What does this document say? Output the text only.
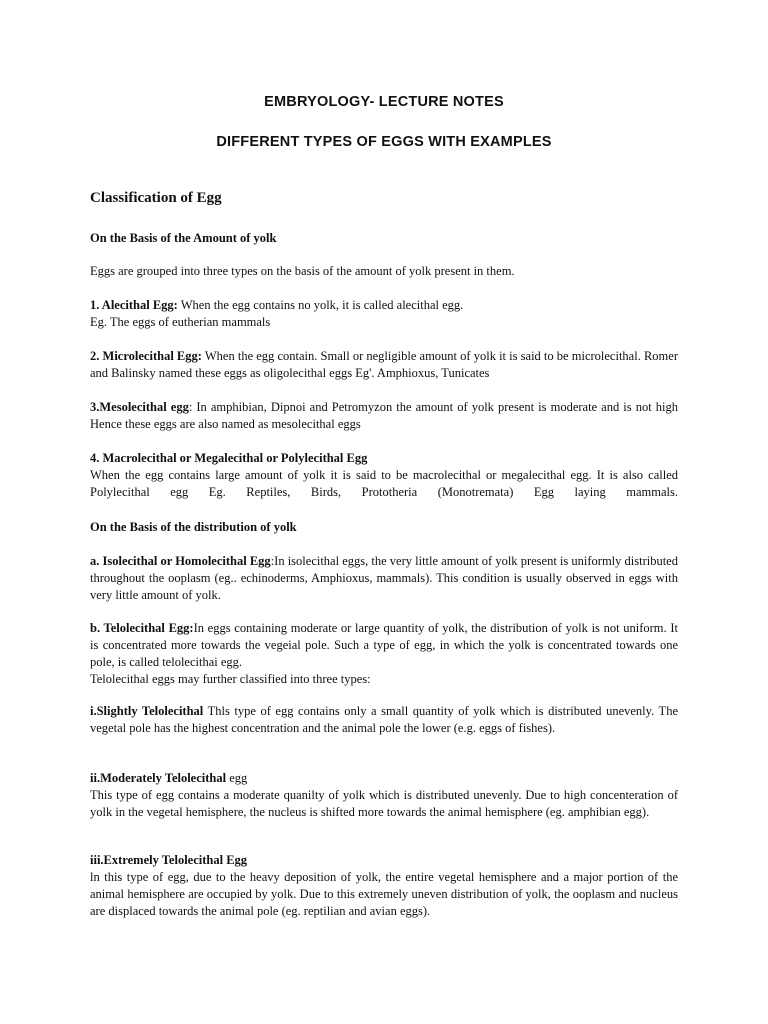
EMBRYOLOGY- LECTURE NOTES
DIFFERENT TYPES OF EGGS WITH EXAMPLES
Classification of Egg
On the Basis of the Amount of yolk
Eggs are grouped into three types on the basis of the amount of yolk present in them.
1. Alecithal Egg: When the egg contains no yolk, it is called alecithal egg.
Eg. The eggs of eutherian mammals
2. Microlecithal Egg: When the egg contain. Small or negligible amount of yolk it is said to be microlecithal. Romer and Balinsky named these eggs as oligolecithal eggs Eg'. Amphioxus, Tunicates
3.Mesolecithal egg: In amphibian, Dipnoi and Petromyzon the amount of yolk present is moderate and is not high Hence these eggs are also named as mesolecithal eggs
4. Macrolecithal or Megalecithal or Polylecithal Egg
When the egg contains large amount of yolk it is said to be macrolecithal or megalecithal egg. It is also called Polylecithal egg Eg. Reptiles, Birds, Prototheria (Monotremata) Egg laying mammals.
On the Basis of the distribution of yolk
a. Isolecithal or Homolecithal Egg:In isolecithal eggs, the very little amount of yolk present is uniformly distributed throughout the ooplasm (eg.. echinoderms, Amphioxus, mammals). This condition is usually observed in eggs with very little amount of yolk.
b. Telolecithal Egg:In eggs containing moderate or large quantity of yolk, the distribution of yolk is not uniform. It is concentrated more towards the vegeial pole. Such a type of egg, in which the yolk is concentrated towards one pole, is called telolecithai egg.
Telolecithal eggs may further classified into three types:
i.Slightly Telolecithal Thls type of egg contains only a small quantity of yolk which is distributed unevenly. The vegetal pole has the highest concentration and the animal pole the lower (e.g. eggs of fishes).
ii.Moderately Telolecithal egg
This type of egg contains a moderate quanilty of yolk which is distributed unevenly. Due to high concenteration of yolk in the vegetal hemisphere, the nucleus is shifted more towards the animal hemisphere (eg. amphibian egg).
iii.Extremely Telolecithal Egg
ln this type of egg, due to the heavy deposition of yolk, the entire vegetal hemisphere and a major portion of the animal hemisphere are occupied by yolk. Due to this extremely uneven distribution of yolk, the ooplasm and nucleus are displaced towards the animal pole (eg. reptilian and avian eggs).
